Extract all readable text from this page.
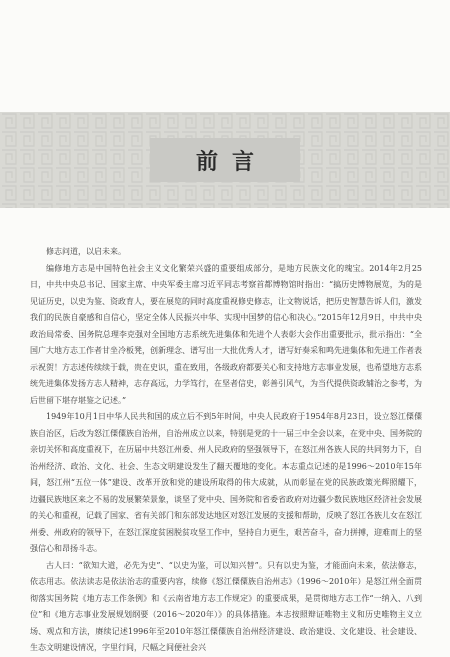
前言

修志问道，以启未来。

编修地方志是中国特色社会主义文化繁荣兴盛的重要组成部分，是地方民族文化的瑰宝。2014年2月25日，中共中央总书记、国家主席、中央军委主席习近平同志考察首都博物馆时指出：“搞历史博物展览，为的是见证历史，以史为鉴、资政育人，要在展览的同时高度重视修史修志，让文物说话，把历史智慧告诉人们，激发我们的民族自豪感和自信心，坚定全体人民振兴中华、实现中国梦的信心和决心。”2015年12月9日，中共中央政治局常委、国务院总理李克强对全国地方志系统先进集体和先进个人表彰大会作出重要批示，批示指出：“全国广大地方志工作者甘坐冷板凳，创新理念、谱写出一大批优秀人才，谱写好奏采和鸣先进集体和先进工作者表示祝贺！方志述传续续于载，贵在史识，重在致用，各级政府都要关心和支持地方志事业发展，也希望地方志系统先进集体发扬方志人精神，志存高远，力学笃行，在坚者信史，彰善引风气，为当代提供资政辅治之参考，为后世留下堪存堪鉴之记述。”

1949年10月1日中华人民共和国的成立后不到5年时间，中央人民政府于1954年8月23日，设立怒江傈僳族自治区，后改为怒江傈僳族自治州，自治州成立以来，特别是党的十一届三中全会以来，在党中央、国务院的亲切关怀和高度重视下，在历届中共怒江州委、州人民政府的坚强领导下，在怒江州各族人民的共同努力下，自治州经济、政治、文化、社会、生态文明建设发生了翻天覆地的变化。本志重点记述的是1996～2010年15年间，怒江州“五位一体”建设、改革开放和党的建设所取得的伟大成就，从而彰显在党的民族政策光辉照耀下，边疆民族地区来之不易的发展繁荣景象，谈坚了党中央、国务院和省委省政府对边疆少数民族地区经济社会发展的关心和重视，记载了国家、省有关部门和东部发达地区对怒江发展的支援和帮助，反映了怒江各族儿女在怒江州委、州政府的领导下，在怒江深度贫困脱贫攻坚工作中，坚持自力更生，艰苦奋斗，奋力拼搏，迎难而上的坚强信心和昂扬斗志。

古人曰：“欲知大道，必先为史”、“以史为鉴，可以知兴替”。只有以史为鉴，才能面向未来，依法修志，依志用志。依法读志是依法治志的重要内容，续修《怒江傈僳族自治州志》（1996～2010年）是怒江州全面贯彻落实国务院《地方志工作条例》和《云南省地方志工作规定》的重要成果，是贯彻地方志工作“一纳入、八到位”和《地方志事业发展规划纲要（2016～2020年）》的具体措施。本志按照辩证唯物主义和历史唯物主义立场、观点和方法，赓续记述1996年至2010年怒江傈僳族自治州经济建设、政治建设、文化建设、社会建设、生态文明建设情况，字里行间，尺幅之间便社会兴
